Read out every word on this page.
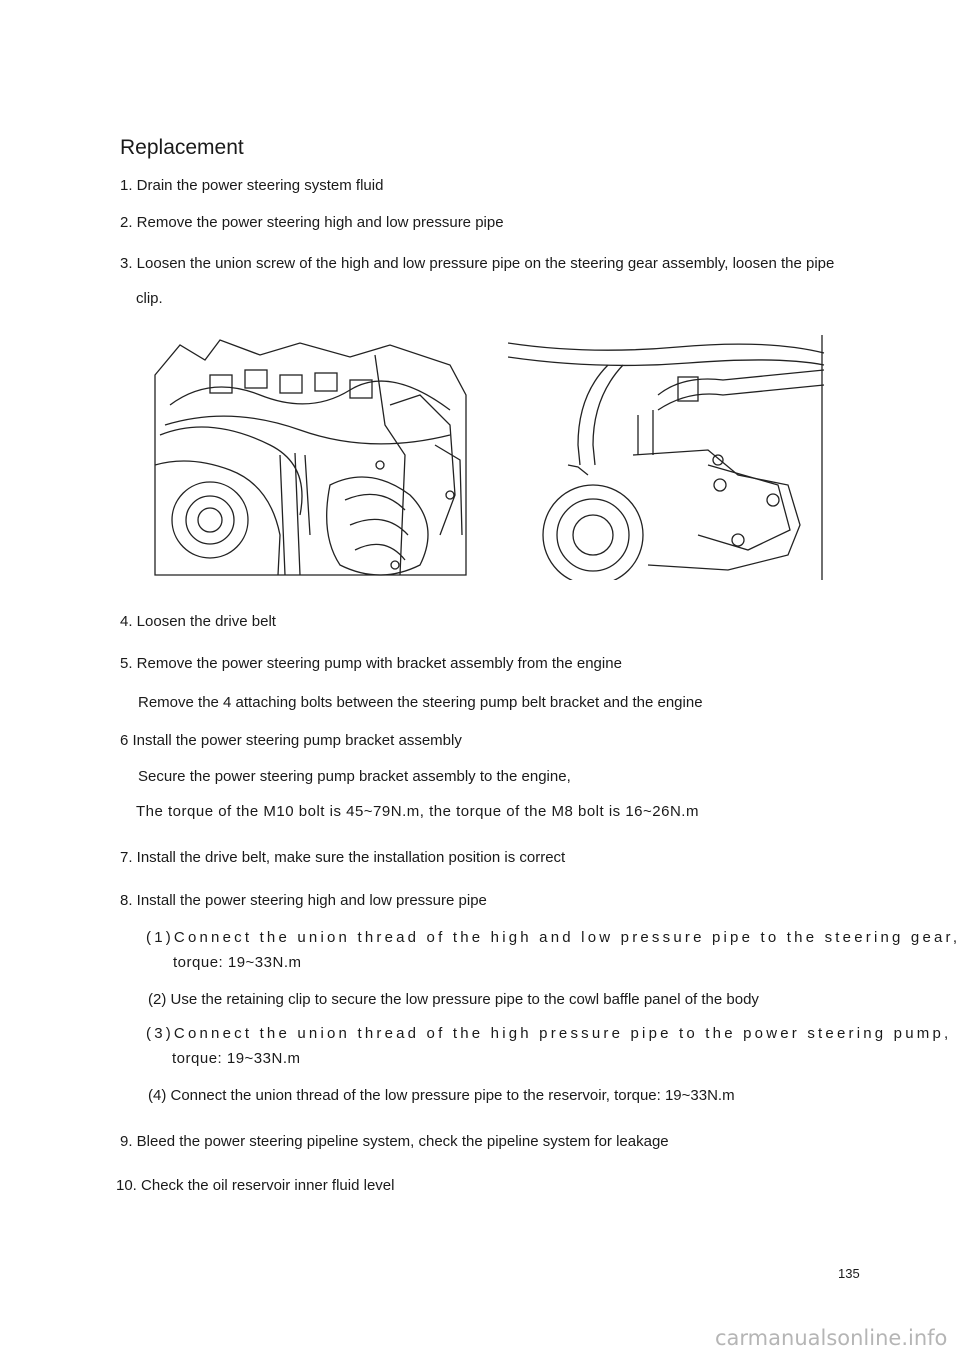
Replacement
1. Drain the power steering system fluid
2. Remove the power steering high and low pressure pipe
3. Loosen the union screw of the high and low pressure pipe on the steering gear assembly, loosen the pipe
clip.
4. Loosen the drive belt
5. Remove the power steering pump with bracket assembly from the engine
Remove the 4 attaching bolts between the steering pump belt bracket and the engine
6 Install the power steering pump bracket assembly
Secure the power steering pump bracket assembly to the engine,
The torque of the M10 bolt is 45~79N.m, the torque of the M8 bolt is 16~26N.m
7. Install the drive belt, make sure the installation position is correct
8. Install the power steering high and low pressure pipe
(1)Connect the union thread of the high and low pressure pipe to the steering gear,
torque: 19~33N.m
(2) Use the retaining clip to secure the low pressure pipe to the cowl baffle panel of the body
(3)Connect the union thread of the high pressure pipe to the power steering pump,
torque: 19~33N.m
(4) Connect the union thread of the low pressure pipe to the reservoir, torque: 19~33N.m
9. Bleed the power steering pipeline system, check the pipeline system for leakage
10. Check the oil reservoir inner fluid level
135
carmanualsonline.info
